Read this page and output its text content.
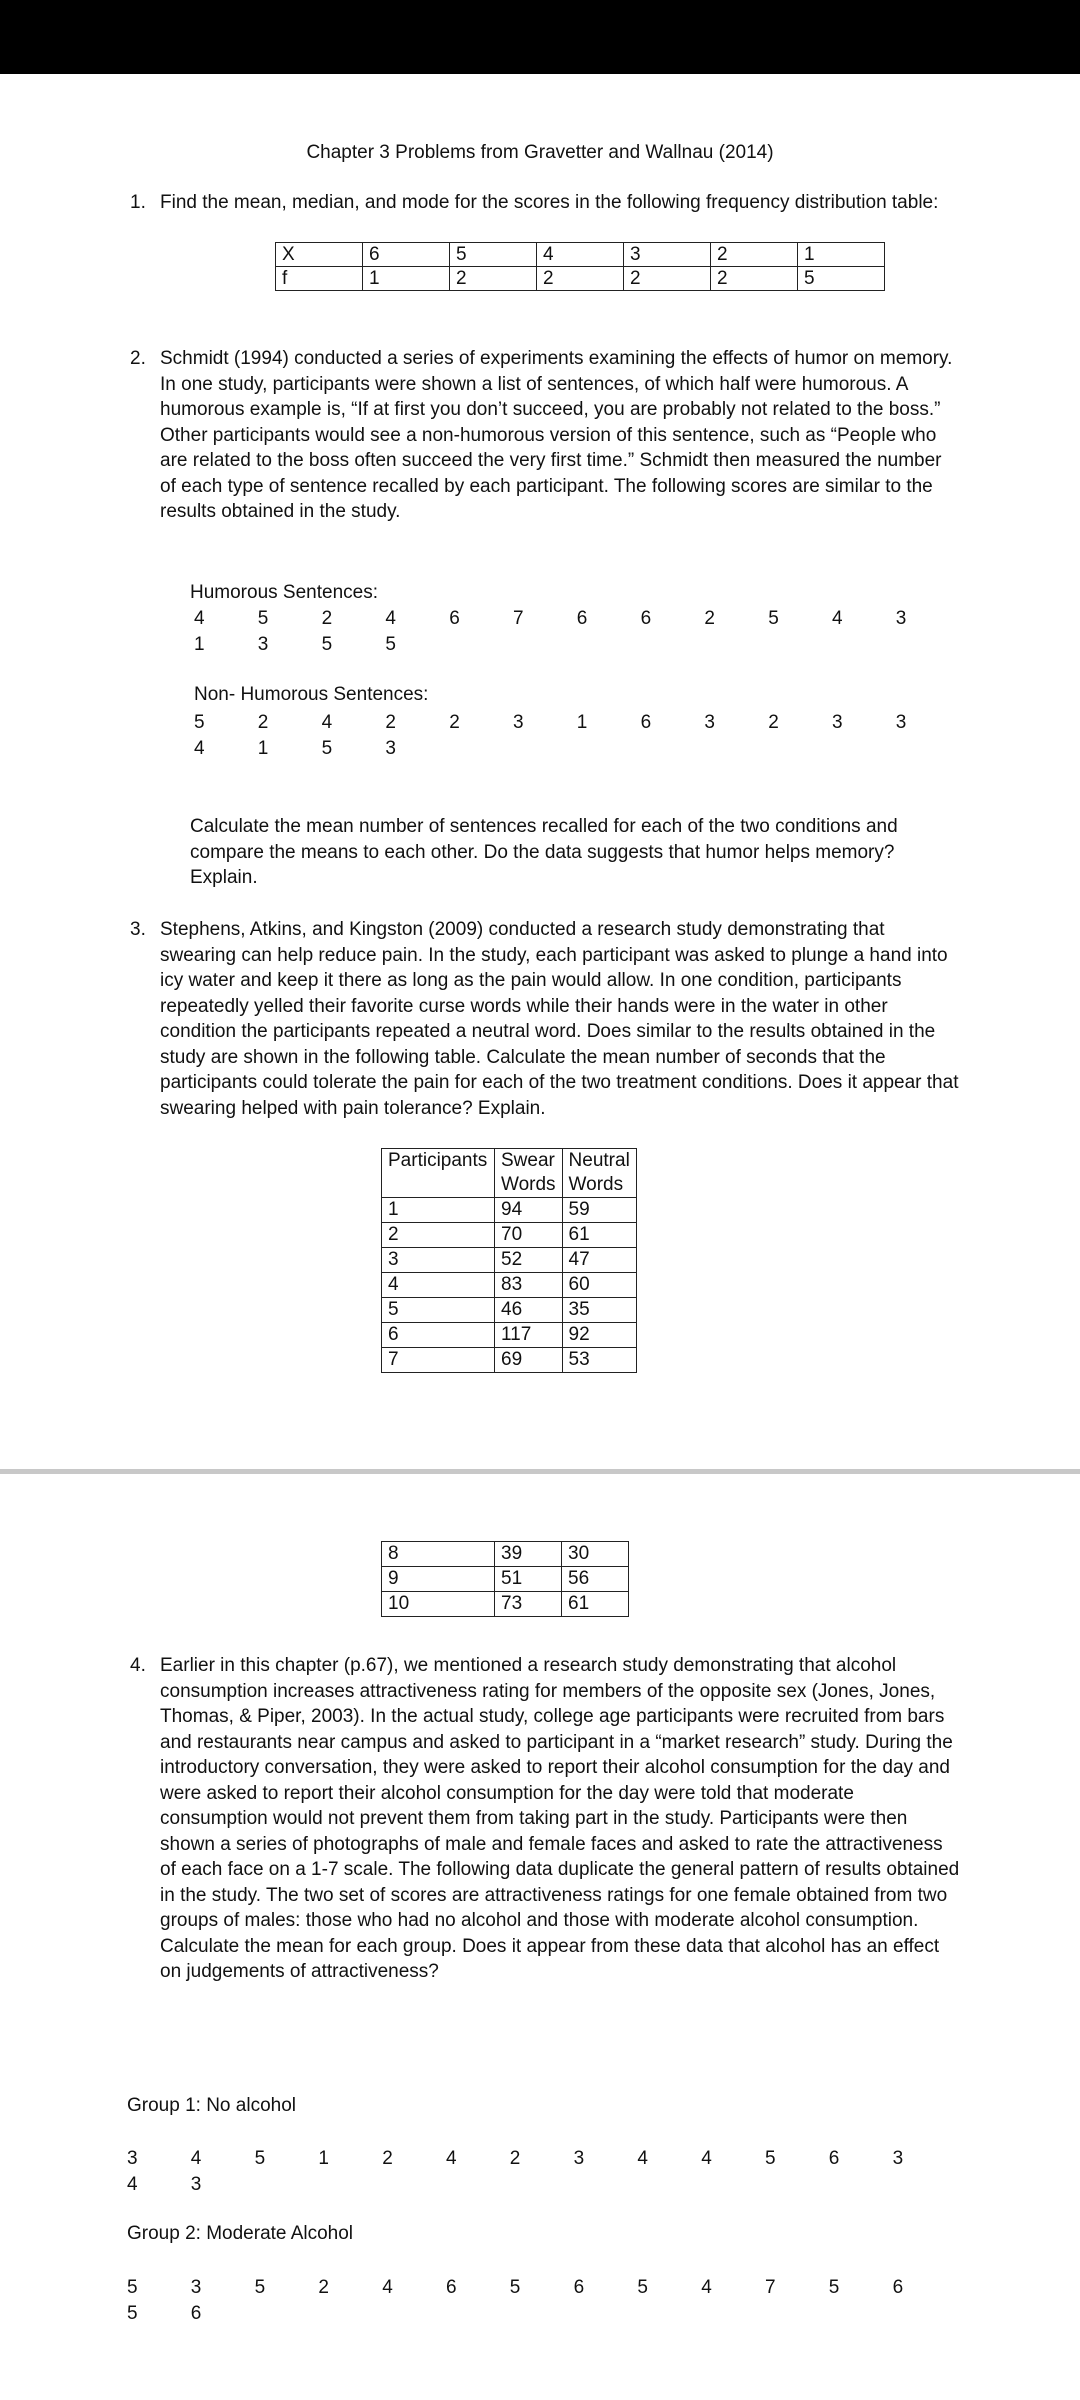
Chapter 3 Problems from Gravetter and Wallnau (2014)
1. Find the mean, median, and mode for the scores in the following frequency distribution table:
X	6	5	4	3	2	1
f	1	2	2	2	2	5
2. Schmidt (1994) conducted a series of experiments examining the effects of humor on memory. In one study, participants were shown a list of sentences, of which half were humorous. A humorous example is, “If at first you don’t succeed, you are probably not related to the boss.” Other participants would see a non-humorous version of this sentence, such as “People who are related to the boss often succeed the very first time.” Schmidt then measured the number of each type of sentence recalled by each participant. The following scores are similar to the results obtained in the study.
Humorous Sentences:
4	5	2	4	6	7	6	6	2	5	4	3
1	3	5	5
Non- Humorous Sentences:
5	2	4	2	2	3	1	6	3	2	3	3
4	1	5	3
Calculate the mean number of sentences recalled for each of the two conditions and compare the means to each other. Do the data suggests that humor helps memory? Explain.
3. Stephens, Atkins, and Kingston (2009) conducted a research study demonstrating that swearing can help reduce pain. In the study, each participant was asked to plunge a hand into icy water and keep it there as long as the pain would allow. In one condition, participants repeatedly yelled their favorite curse words while their hands were in the water in other condition the participants repeated a neutral word. Does similar to the results obtained in the study are shown in the following table. Calculate the mean number of seconds that the participants could tolerate the pain for each of the two treatment conditions. Does it appear that swearing helped with pain tolerance? Explain.
Participants	Swear Words	Neutral Words
1	94	59
2	70	61
3	52	47
4	83	60
5	46	35
6	117	92
7	69	53
8	39	30
9	51	56
10	73	61
4. Earlier in this chapter (p.67), we mentioned a research study demonstrating that alcohol consumption increases attractiveness rating for members of the opposite sex (Jones, Jones, Thomas, & Piper, 2003). In the actual study, college age participants were recruited from bars and restaurants near campus and asked to participant in a “market research” study. During the introductory conversation, they were asked to report their alcohol consumption for the day and were asked to report their alcohol consumption for the day were told that moderate consumption would not prevent them from taking part in the study. Participants were then shown a series of photographs of male and female faces and asked to rate the attractiveness of each face on a 1-7 scale. The following data duplicate the general pattern of results obtained in the study. The two set of scores are attractiveness ratings for one female obtained from two groups of males: those who had no alcohol and those with moderate alcohol consumption. Calculate the mean for each group. Does it appear from these data that alcohol has an effect on judgements of attractiveness?
Group 1: No alcohol
3	4	5	1	2	4	2	3	4	4	5	6	3
4	3
Group 2: Moderate Alcohol
5	3	5	2	4	6	5	6	5	4	7	5	6
5	6
